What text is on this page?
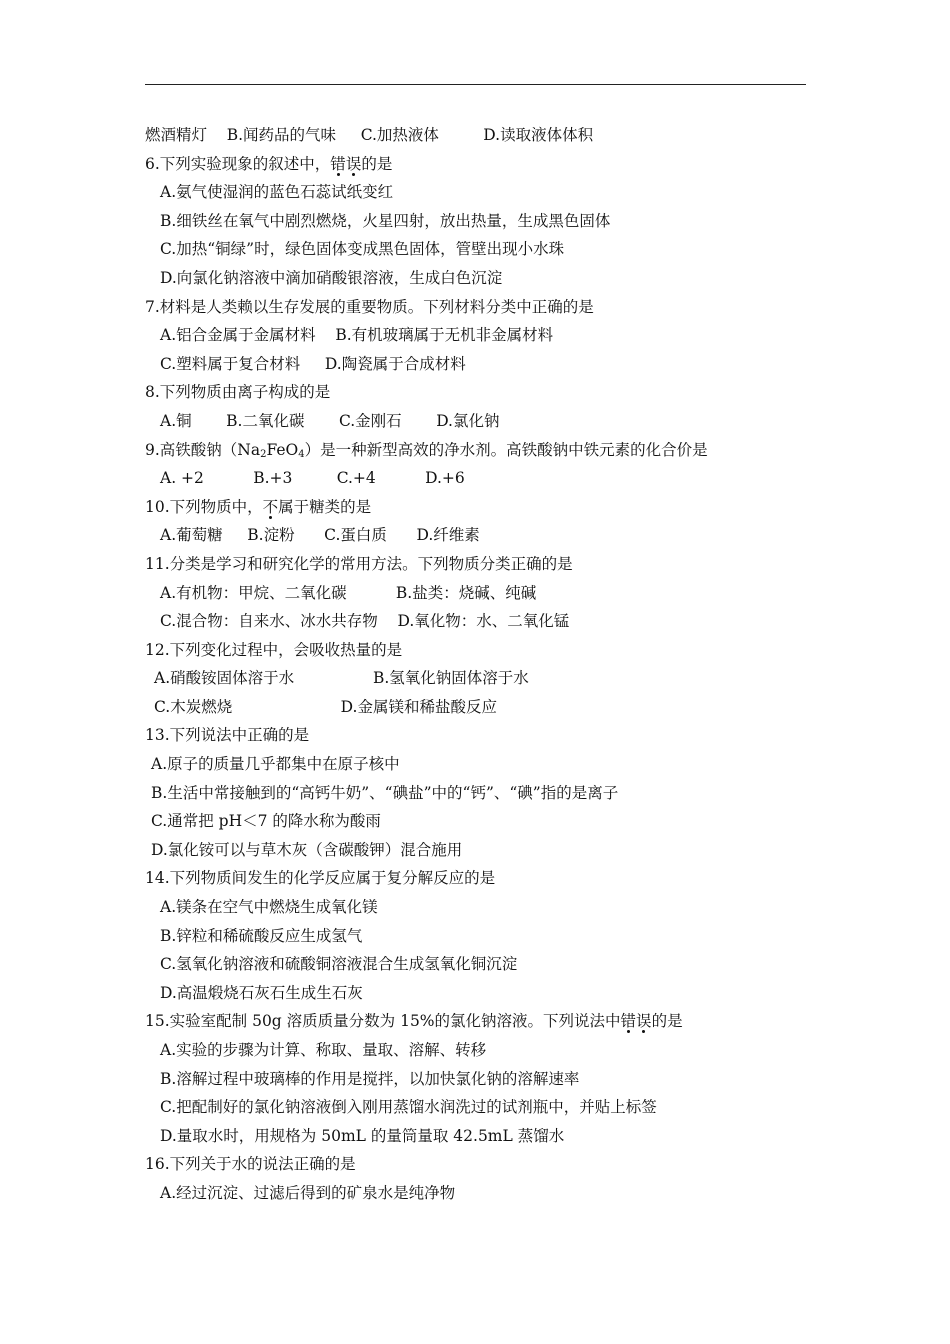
燃酒精灯 B.闻药品的气味 C.加热液体	D.读取液体体积
6.下列实验现象的叙述中，错误的是
A.氨气使湿润的蓝色石蕊试纸变红
B.细铁丝在氧气中剧烈燃烧，火星四射，放出热量，生成黑色固体
C.加热“铜绿”时，绿色固体变成黑色固体，管壁出现小水珠
D.向氯化钠溶液中滴加硝酸银溶液，生成白色沉淀
7.材料是人类赖以生存发展的重要物质。下列材料分类中正确的是
A.铝合金属于金属材料 B.有机玻璃属于无机非金属材料
C.塑料属于复合材料 D.陶瓷属于合成材料
8.下列物质由离子构成的是
A.铜 B.二氧化碳 C.金刚石 D.氯化钠
9.高铁酸钠$(Na_2FeO_4)$是一种新型高效的净水剂。高铁酸钠中铁元素的化合价是
A. +2	B.+3	C.+4	D.+6
10.下列物质中，不属于糖类的是
A.葡萄糖 B.淀粉 C.蛋白质 D.纤维素
11.分类是学习和研究化学的常用方法。下列物质分类正确的是
A.有机物：甲烷、二氧化碳	B.盐类：烧碱、纯碱
C.混合物：自来水、冰水共存物 D.氧化物：水、二氧化锰
12.下列变化过程中，会吸收热量的是
A.硝酸铵固体溶于水	B.氢氧化钠固体溶于水
C.木炭燃烧	D.金属镁和稀盐酸反应
13.下列说法中正确的是
A.原子的质量几乎都集中在原子核中
B.生活中常接触到的“高钙牛奶”、“碘盐”中的“钙”、“碘”指的是离子
C.通常把 pH＜7 的降水称为酸雨
D.氯化铵可以与草木灰（含碳酸钾）混合施用
14.下列物质间发生的化学反应属于复分解反应的是
A.镁条在空气中燃烧生成氧化镁
B.锌粒和稀硫酸反应生成氢气
C.氢氧化钠溶液和硫酸铜溶液混合生成氢氧化铜沉淀
D.高温煅烧石灰石生成生石灰
15.实验室配制 50g 溶质质量分数为 15%的氯化钠溶液。下列说法中错误的是
A.实验的步骤为计算、称取、量取、溶解、转移
B.溶解过程中玻璃棒的作用是搅拌，以加快氯化钠的溶解速率
C.把配制好的氯化钠溶液倒入刚用蒸馏水润洗过的试剂瓶中，并贴上标签
D.量取水时，用规格为 50mL 的量筒量取 42.5mL 蒸馏水
16.下列关于水的说法正确的是
A.经过沉淀、过滤后得到的矿泉水是纯净物
